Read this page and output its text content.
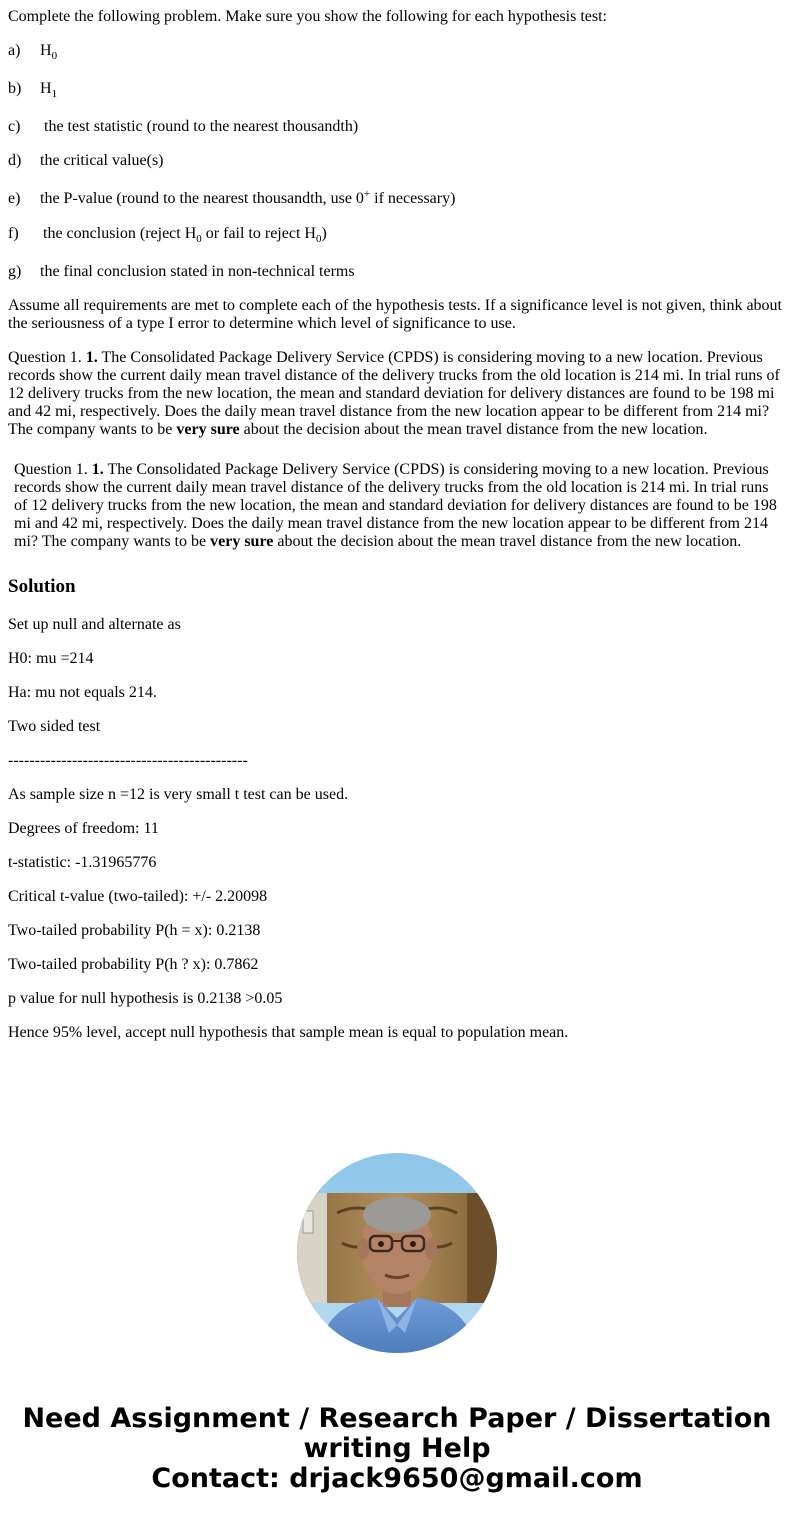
Complete the following problem. Make sure you show the following for each hypothesis test:

a) $H_0$
b) $H_1$
c) the test statistic (round to the nearest thousandth)
d) the critical value(s)
e) the P-value (round to the nearest thousandth, use 0+ if necessary)
f) the conclusion (reject $H_0$ or fail to reject $H_0$)
g) the final conclusion stated in non-technical terms

Assume all requirements are met to complete each of the hypothesis tests. If a significance level is not given, think about the seriousness of a type I error to determine which level of significance to use.

Question 1. 1. The Consolidated Package Delivery Service (CPDS) is considering moving to a new location. Previous records show the current daily mean travel distance of the delivery trucks from the old location is 214 mi. In trial runs of 12 delivery trucks from the new location, the mean and standard deviation for delivery distances are found to be 198 mi and 42 mi, respectively. Does the daily mean travel distance from the new location appear to be different from 214 mi? The company wants to be very sure about the decision about the mean travel distance from the new location.

Question 1. 1. The Consolidated Package Delivery Service (CPDS) is considering moving to a new location. Previous records show the current daily mean travel distance of the delivery trucks from the old location is 214 mi. In trial runs of 12 delivery trucks from the new location, the mean and standard deviation for delivery distances are found to be 198 mi and 42 mi, respectively. Does the daily mean travel distance from the new location appear to be different from 214 mi? The company wants to be very sure about the decision about the mean travel distance from the new location.

Solution

Set up null and alternate as

H0: mu =214

Ha: mu not equals 214.

Two sided test

---------------------------------------------

As sample size n =12 is very small t test can be used.

Degrees of freedom: 11

t-statistic: -1.31965776

Critical t-value (two-tailed): +/- 2.20098

Two-tailed probability P(h = x): 0.2138

Two-tailed probability P(h ? x): 0.7862

p value for null hypothesis is 0.2138 >0.05

Hence 95% level, accept null hypothesis that sample mean is equal to population mean.

Need Assignment / Research Paper / Dissertation
writing Help
Contact: drjack9650@gmail.com
